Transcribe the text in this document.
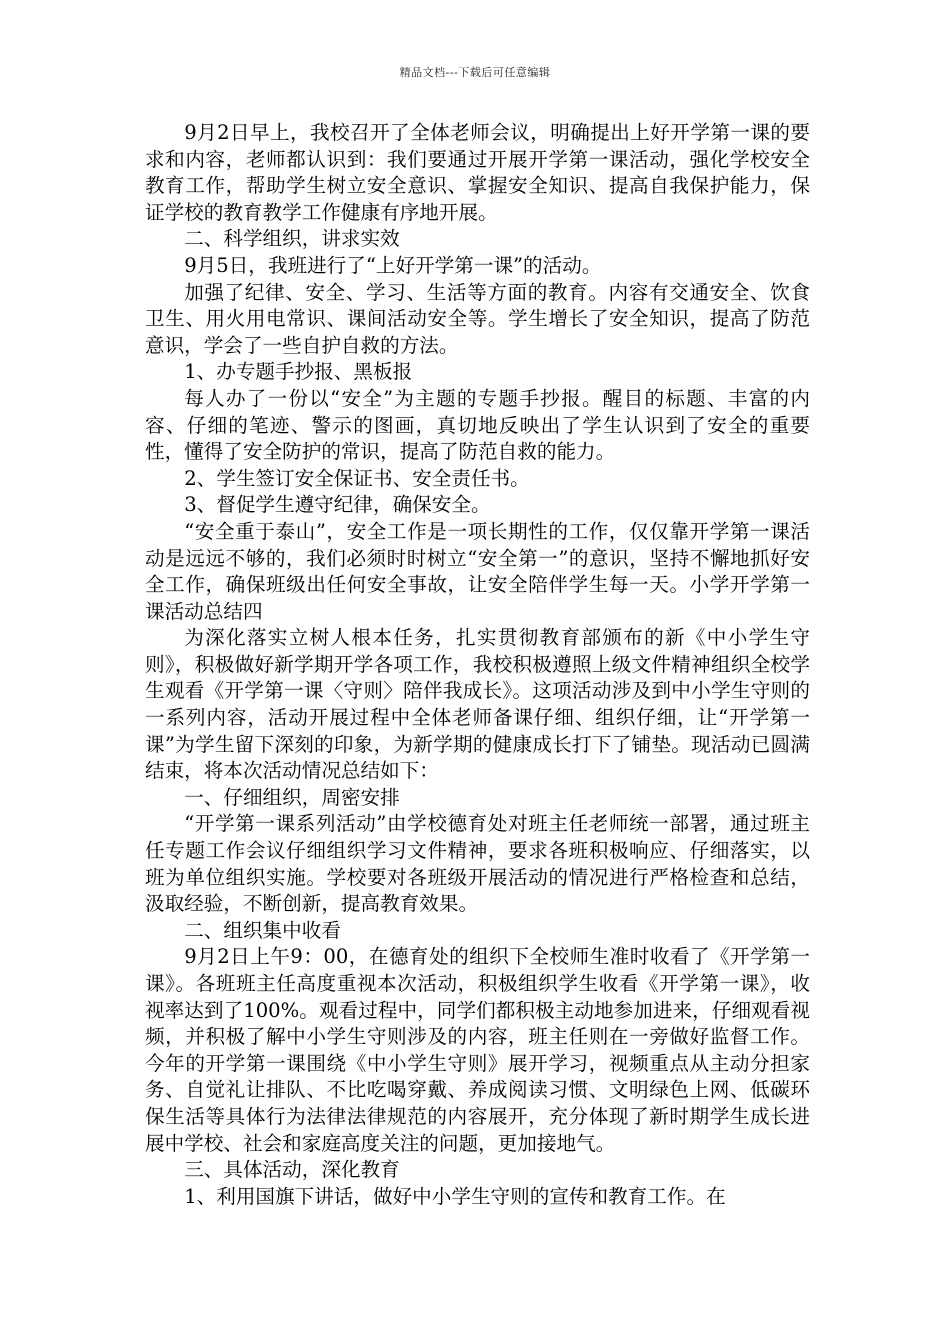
精品文档---下载后可任意编辑

9月2日早上，我校召开了全体老师会议，明确提出上好开学第一课的要求和内容，老师都认识到：我们要通过开展开学第一课活动，强化学校安全教育工作，帮助学生树立安全意识、掌握安全知识、提高自我保护能力，保证学校的教育教学工作健康有序地开展。

二、科学组织，讲求实效

9月5日，我班进行了“上好开学第一课”的活动。

加强了纪律、安全、学习、生活等方面的教育。内容有交通安全、饮食卫生、用火用电常识、课间活动安全等。学生增长了安全知识，提高了防范意识，学会了一些自护自救的方法。

1、办专题手抄报、黑板报

每人办了一份以“安全”为主题的专题手抄报。醒目的标题、丰富的内容、仔细的笔迹、警示的图画，真切地反映出了学生认识到了安全的重要性，懂得了安全防护的常识，提高了防范自救的能力。

2、学生签订安全保证书、安全责任书。

3、督促学生遵守纪律，确保安全。

“安全重于泰山”，安全工作是一项长期性的工作，仅仅靠开学第一课活动是远远不够的，我们必须时时树立“安全第一”的意识，坚持不懈地抓好安全工作，确保班级出任何安全事故，让安全陪伴学生每一天。小学开学第一课活动总结四

为深化落实立树人根本任务，扎实贯彻教育部颁布的新《中小学生守则》，积极做好新学期开学各项工作，我校积极遵照上级文件精神组织全校学生观看《开学第一课〈守则〉陪伴我成长》。这项活动涉及到中小学生守则的一系列内容，活动开展过程中全体老师备课仔细、组织仔细，让“开学第一课”为学生留下深刻的印象，为新学期的健康成长打下了铺垫。现活动已圆满结束，将本次活动情况总结如下：

一、仔细组织，周密安排

“开学第一课系列活动”由学校德育处对班主任老师统一部署，通过班主任专题工作会议仔细组织学习文件精神，要求各班积极响应、仔细落实，以班为单位组织实施。学校要对各班级开展活动的情况进行严格检查和总结，汲取经验，不断创新，提高教育效果。

二、组织集中收看

9月2日上午9：00，在德育处的组织下全校师生准时收看了《开学第一课》。各班班主任高度重视本次活动，积极组织学生收看《开学第一课》，收视率达到了100%。观看过程中，同学们都积极主动地参加进来，仔细观看视频，并积极了解中小学生守则涉及的内容，班主任则在一旁做好监督工作。今年的开学第一课围绕《中小学生守则》展开学习，视频重点从主动分担家务、自觉礼让排队、不比吃喝穿戴、养成阅读习惯、文明绿色上网、低碳环保生活等具体行为法律法律规范的内容展开，充分体现了新时期学生成长进展中学校、社会和家庭高度关注的问题，更加接地气。

三、具体活动，深化教育

1、利用国旗下讲话，做好中小学生守则的宣传和教育工作。在
